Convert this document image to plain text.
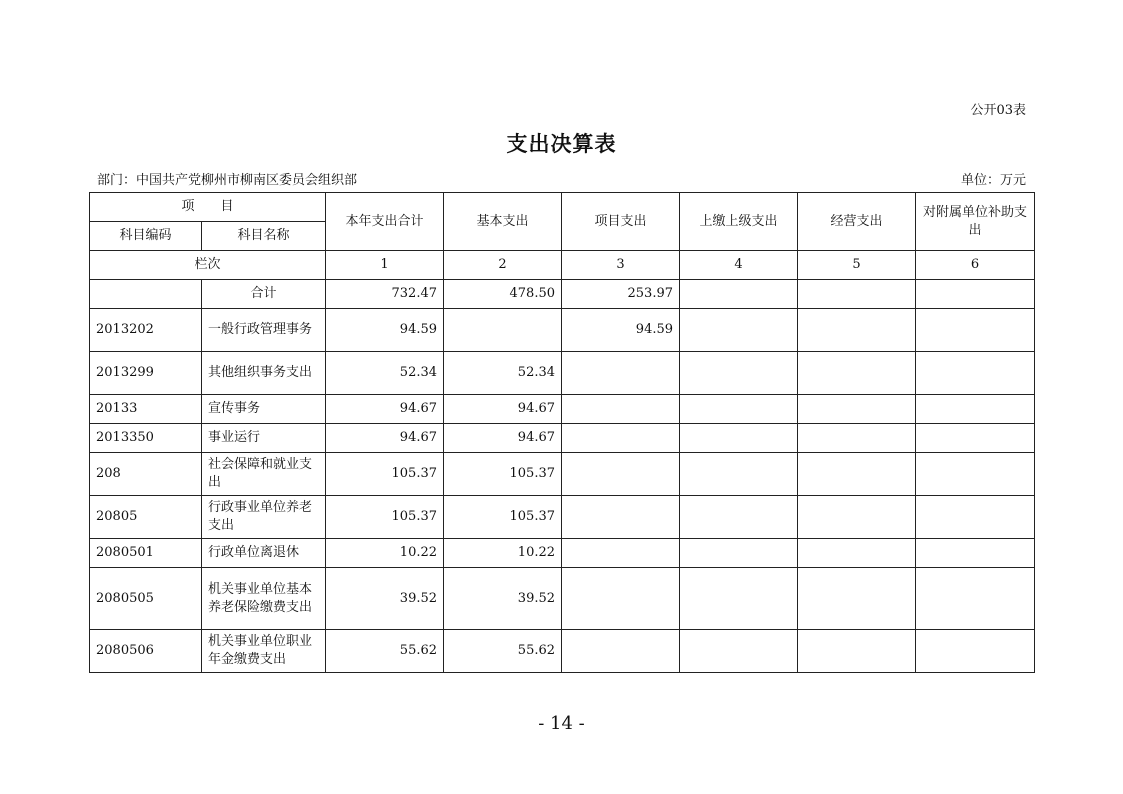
公开03表
支出决算表
部门：中国共产党柳州市柳南区委员会组织部	单位：万元
项　　目		本年支出合计	基本支出	项目支出	上缴上级支出	经营支出	对附属单位补助支出
科目编码	科目名称						
栏次		1	2	3	4	5	6
	合计	732.47	478.50	253.97			
2013202	一般行政管理事务	94.59		94.59			
2013299	其他组织事务支出	52.34	52.34				
20133	宣传事务	94.67	94.67				
2013350	事业运行	94.67	94.67				
208	社会保障和就业支出	105.37	105.37				
20805	行政事业单位养老支出	105.37	105.37				
2080501	行政单位离退休	10.22	10.22				
2080505	机关事业单位基本养老保险缴费支出	39.52	39.52				
2080506	机关事业单位职业年金缴费支出	55.62	55.62				
- 14 -
